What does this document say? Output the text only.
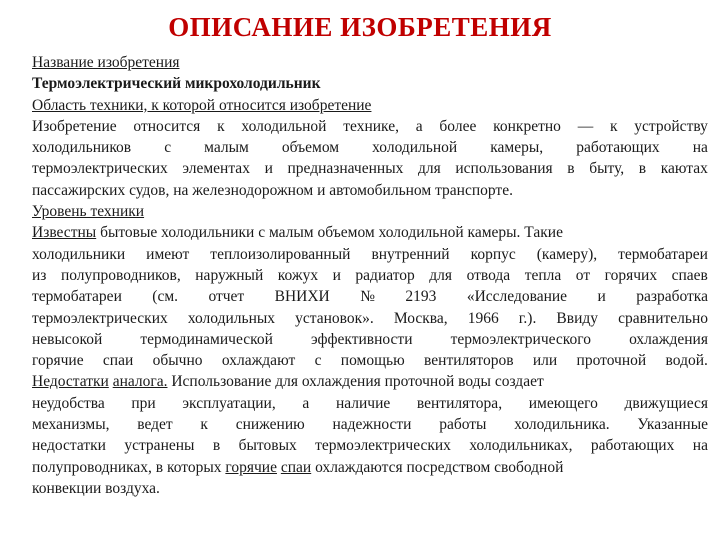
ОПИСАНИЕ ИЗОБРЕТЕНИЯ
Название изобретения
Термоэлектрический микрохолодильник
Область техники, к которой относится изобретение
Изобретение относится к холодильной технике, а более конкретно — к устройству
холодильников с малым объемом холодильной камеры, работающих на
термоэлектрических элементах и предназначенных для использования в быту, в каютах
пассажирских судов, на железнодорожном и автомобильном транспорте.
Уровень техники
Известны бытовые холодильники с малым объемом холодильной камеры. Такие
холодильники имеют теплоизолированный внутренний корпус (камеру), термобатареи
из полупроводников, наружный кожух и радиатор для отвода тепла от горячих спаев
термобатареи (см. отчет ВНИХИ № 2193 «Исследование и разработка
термоэлектрических холодильных установок». Москва, 1966 г.). Ввиду сравнительно
невысокой термодинамической эффективности термоэлектрического охлаждения
горячие спаи обычно охлаждают с помощью вентиляторов или проточной водой.
Недостатки аналога. Использование для охлаждения проточной воды создает
неудобства при эксплуатации, а наличие вентилятора, имеющего движущиеся
механизмы, ведет к снижению надежности работы холодильника. Указанные
недостатки устранены в бытовых термоэлектрических холодильниках, работающих на
полупроводниках, в которых горячие спаи охлаждаются посредством свободной
конвекции воздуха.
